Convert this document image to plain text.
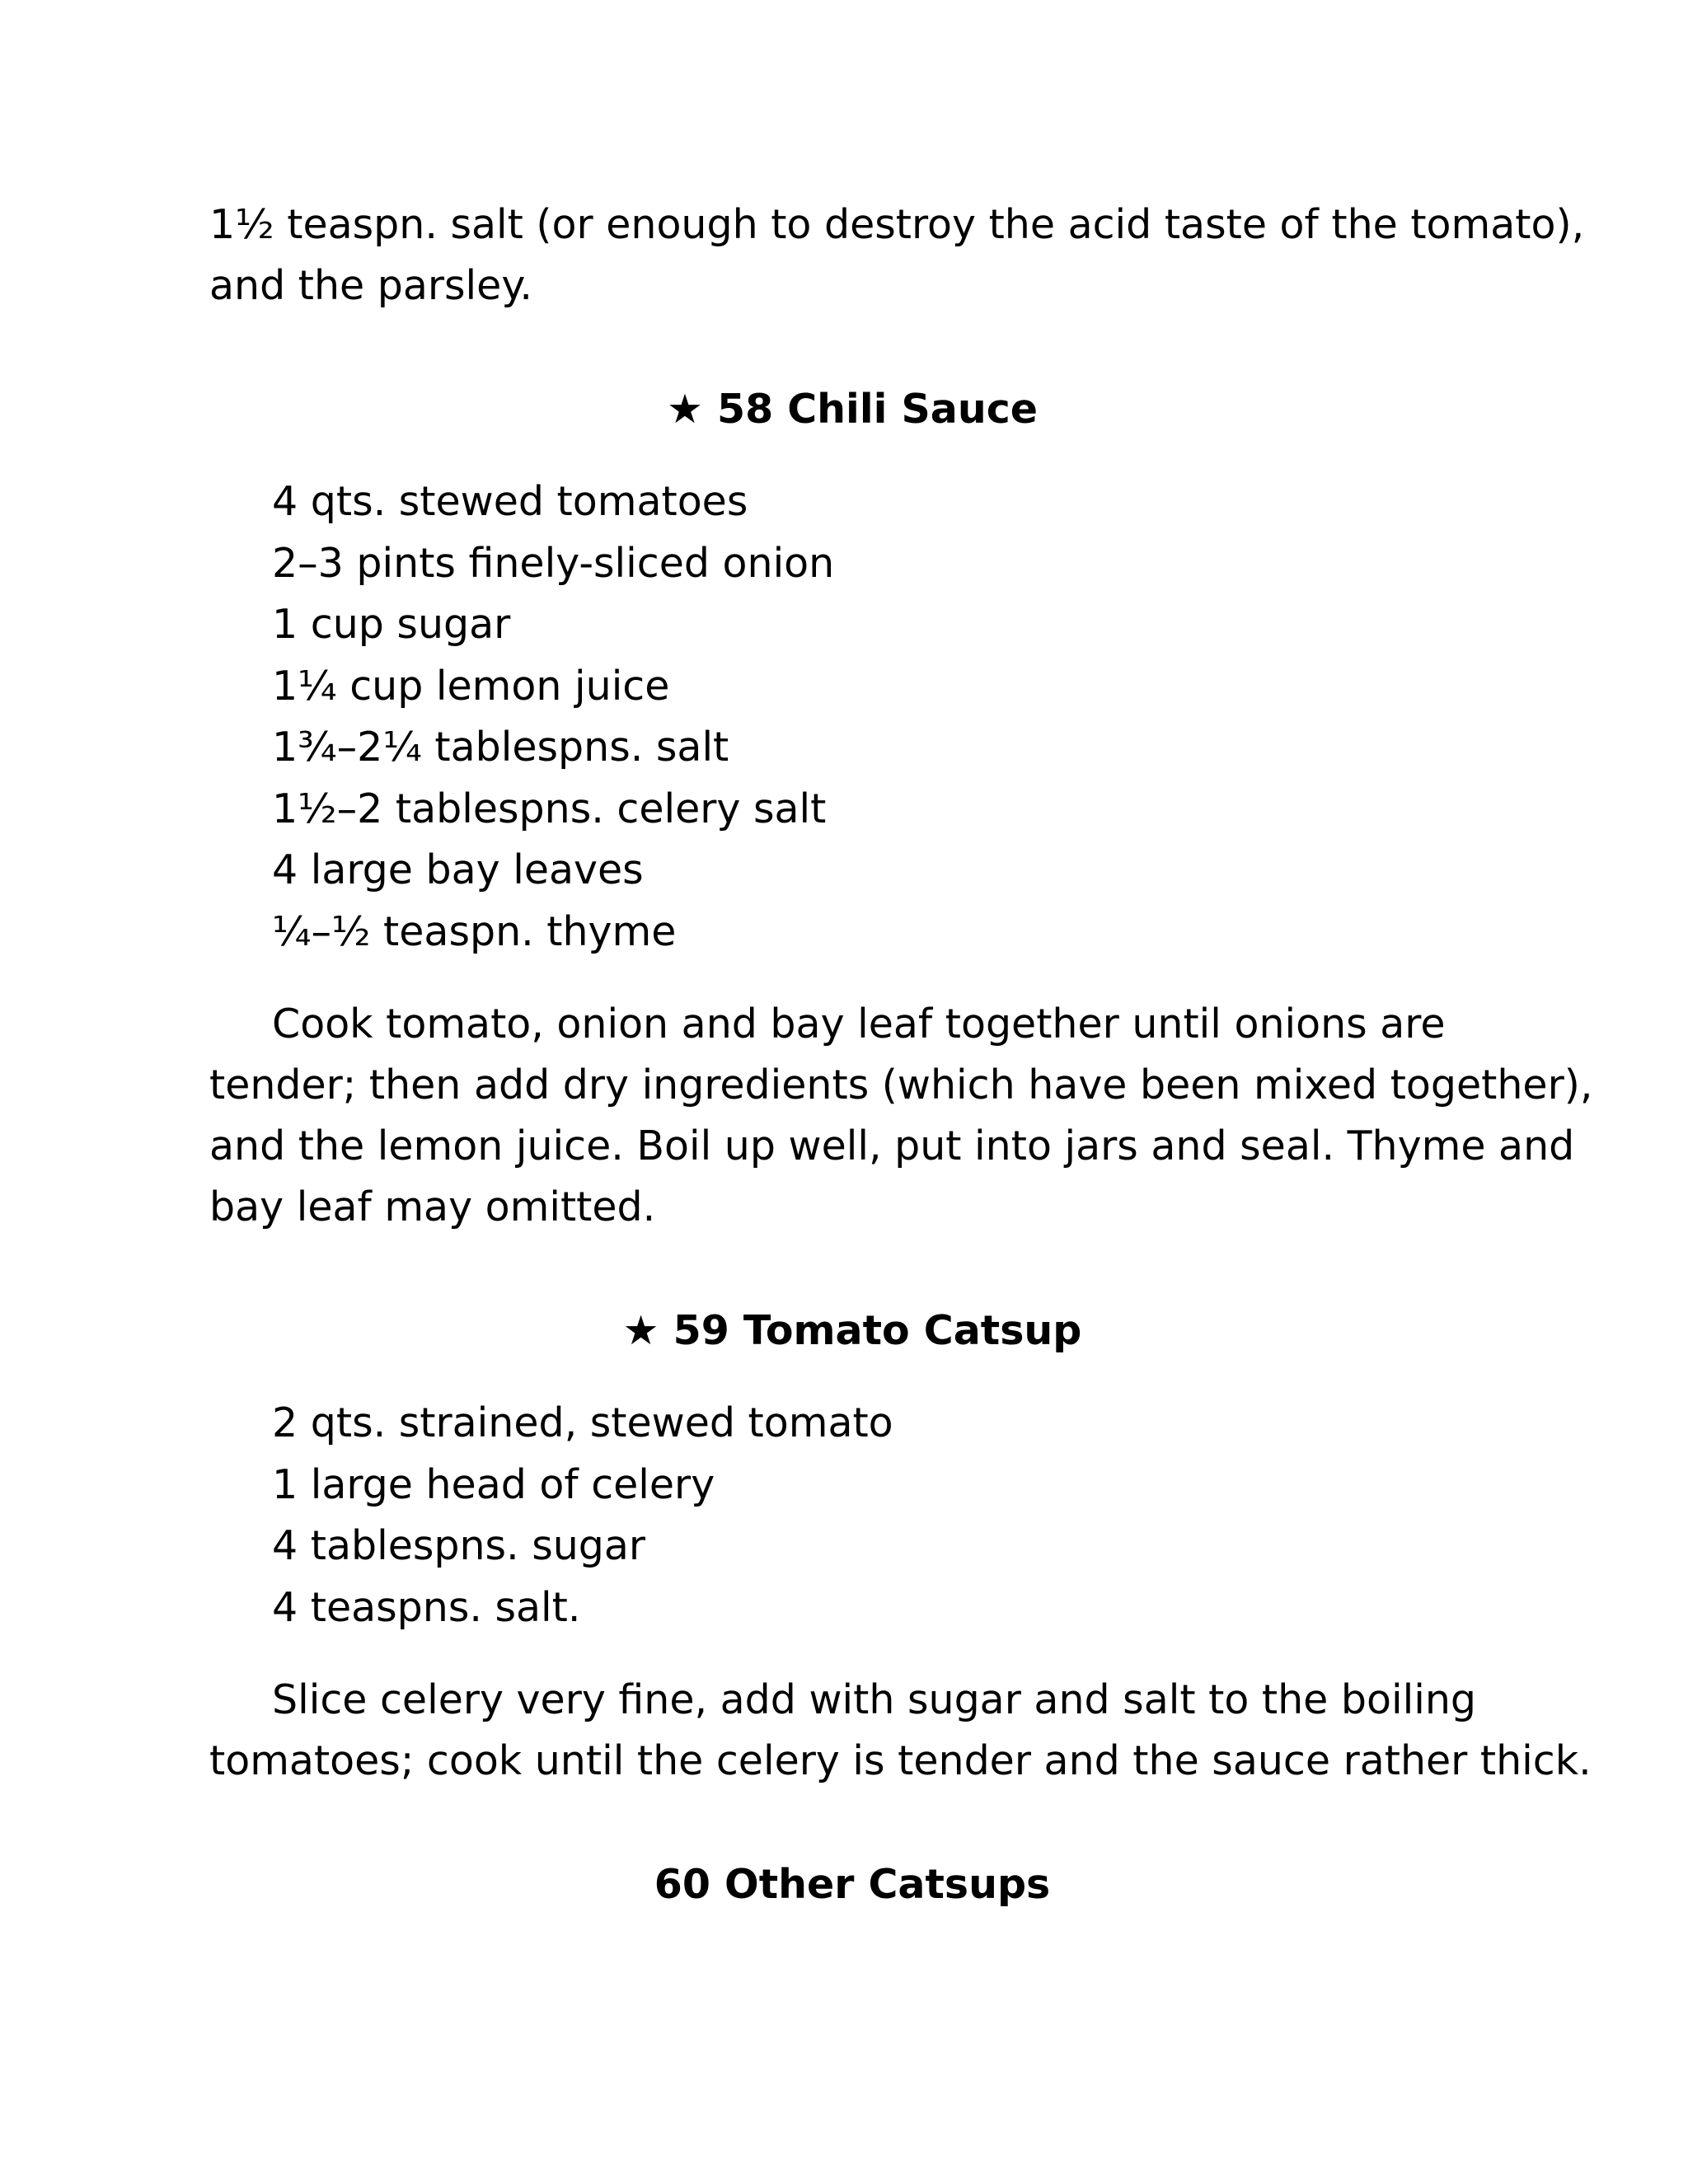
1½ teaspn. salt (or enough to destroy the acid taste of the tomato),
and the parsley.
★ 58 Chili Sauce
4 qts. stewed tomatoes
2–3 pints finely-sliced onion
1 cup sugar
1¼ cup lemon juice
1¾–2¼ tablespns. salt
1½–2 tablespns. celery salt
4 large bay leaves
¼–½ teaspn. thyme
Cook tomato, onion and bay leaf together until onions are
tender; then add dry ingredients (which have been mixed together),
and the lemon juice. Boil up well, put into jars and seal. Thyme and
bay leaf may omitted.
★ 59 Tomato Catsup
2 qts. strained, stewed tomato
1 large head of celery
4 tablespns. sugar
4 teaspns. salt.
Slice celery very fine, add with sugar and salt to the boiling
tomatoes; cook until the celery is tender and the sauce rather thick.
60 Other Catsups
